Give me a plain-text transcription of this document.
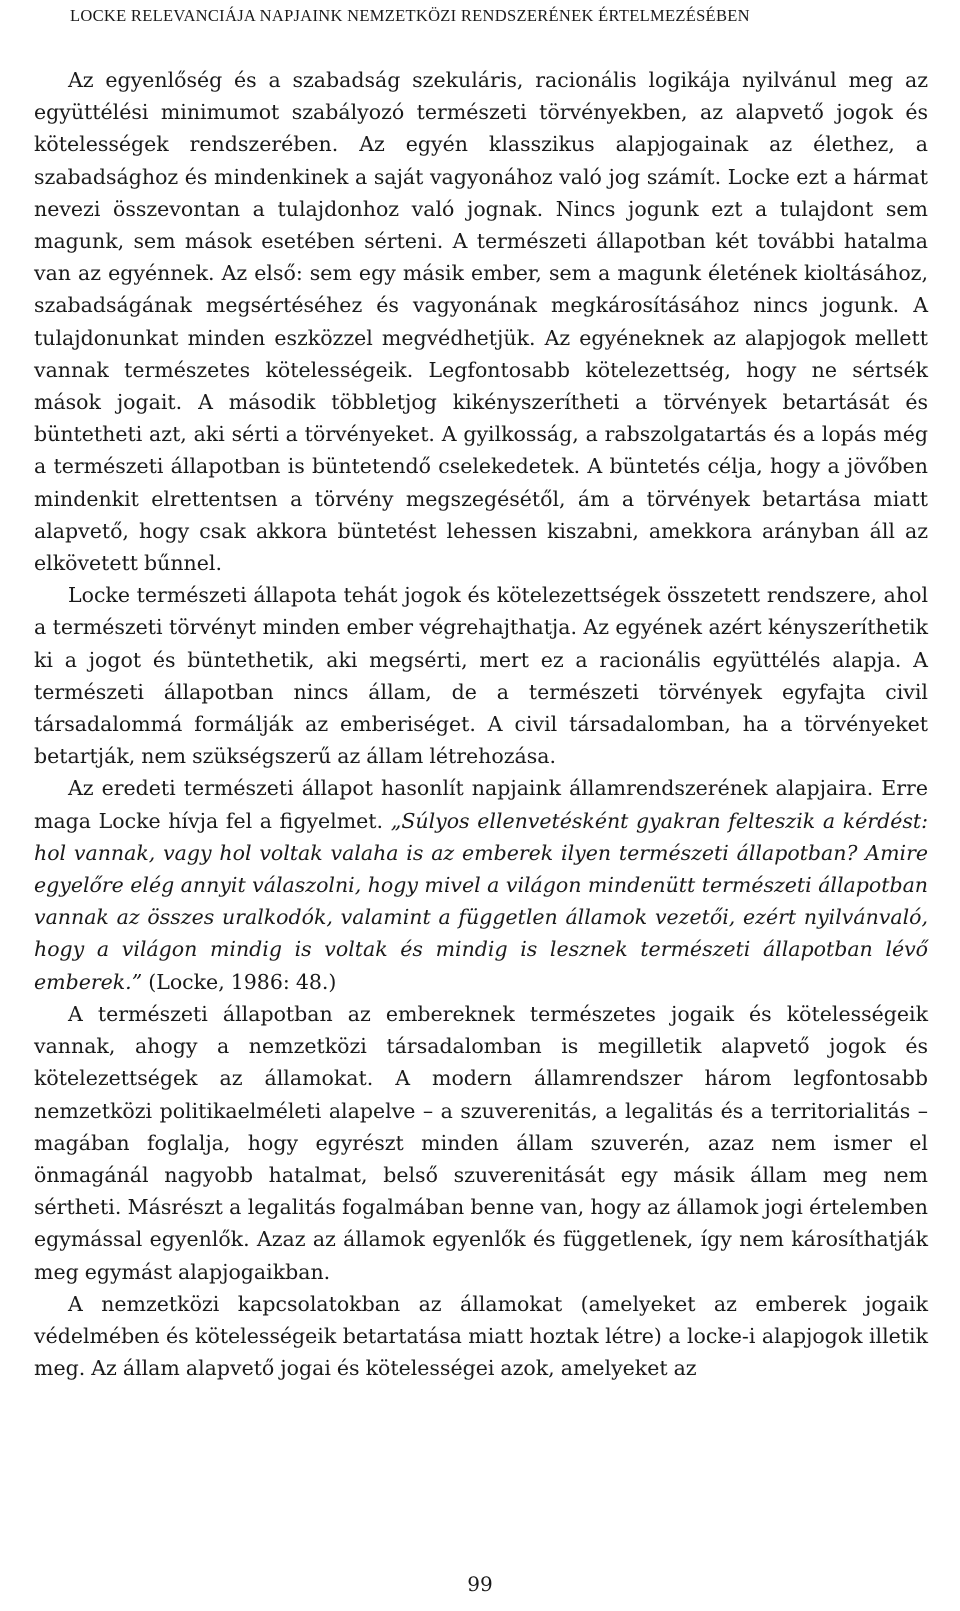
LOCKE RELEVANCIÁJA NAPJAINK NEMZETKÖZI RENDSZERÉNEK ÉRTELMEZÉSÉBEN

Az egyenlőség és a szabadság szekuláris, racionális logikája nyilvánul meg az együttélési minimumot szabályozó természeti törvényekben, az alapvető jogok és kötelességek rendszerében. Az egyén klasszikus alapjogainak az élethez, a szabadsághoz és mindenkinek a saját vagyonához való jog számít. Locke ezt a hármat nevezi összevontan a tulajdonhoz való jognak. Nincs jogunk ezt a tulajdont sem magunk, sem mások esetében sérteni. A természeti állapotban két további hatalma van az egyénnek. Az első: sem egy másik ember, sem a magunk életének kioltásához, szabadságának megsértéséhez és vagyonának megkárosításához nincs jogunk. A tulajdonunkat minden eszközzel megvédhetjük. Az egyéneknek az alapjogok mellett vannak természetes kötelességeik. Legfontosabb kötelezettség, hogy ne sértsék mások jogait. A második többletjog kikényszerítheti a törvények betartását és büntetheti azt, aki sérti a törvényeket. A gyilkosság, a rabszolgatartás és a lopás még a természeti állapotban is büntetendő cselekedetek. A büntetés célja, hogy a jövőben mindenkit elrettentsen a törvény megszegésétől, ám a törvények betartása miatt alapvető, hogy csak akkora büntetést lehessen kiszabni, amekkora arányban áll az elkövetett bűnnel.

Locke természeti állapota tehát jogok és kötelezettségek összetett rendszere, ahol a természeti törvényt minden ember végrehajthatja. Az egyének azért kényszeríthetik ki a jogot és büntethetik, aki megsérti, mert ez a racionális együttélés alapja. A természeti állapotban nincs állam, de a természeti törvények egyfajta civil társadalommá formálják az emberiséget. A civil társadalomban, ha a törvényeket betartják, nem szükségszerű az állam létrehozása.

Az eredeti természeti állapot hasonlít napjaink államrendszerének alapjaira. Erre maga Locke hívja fel a figyelmet. „Súlyos ellenvetésként gyakran felteszik a kérdést: hol vannak, vagy hol voltak valaha is az emberek ilyen természeti állapotban? Amire egyelőre elég annyit válaszolni, hogy mivel a világon mindenütt természeti állapotban vannak az összes uralkodók, valamint a független államok vezetői, ezért nyilvánvaló, hogy a világon mindig is voltak és mindig is lesznek természeti állapotban lévő emberek.” (Locke, 1986: 48.)

A természeti állapotban az embereknek természetes jogaik és kötelességeik vannak, ahogy a nemzetközi társadalomban is megilletik alapvető jogok és kötelezettségek az államokat. A modern államrendszer három legfontosabb nemzetközi politikaelméleti alapelve – a szuverenitás, a legalitás és a territorialitás – magában foglalja, hogy egyrészt minden állam szuverén, azaz nem ismer el önmagánál nagyobb hatalmat, belső szuverenitását egy másik állam meg nem sértheti. Másrészt a legalitás fogalmában benne van, hogy az államok jogi értelemben egymással egyenlők. Azaz az államok egyenlők és függetlenek, így nem károsíthatják meg egymást alapjogaikban.

A nemzetközi kapcsolatokban az államokat (amelyeket az emberek jogaik védelmében és kötelességeik betartatása miatt hoztak létre) a locke-i alapjogok illetik meg. Az állam alapvető jogai és kötelességei azok, amelyeket az

99
